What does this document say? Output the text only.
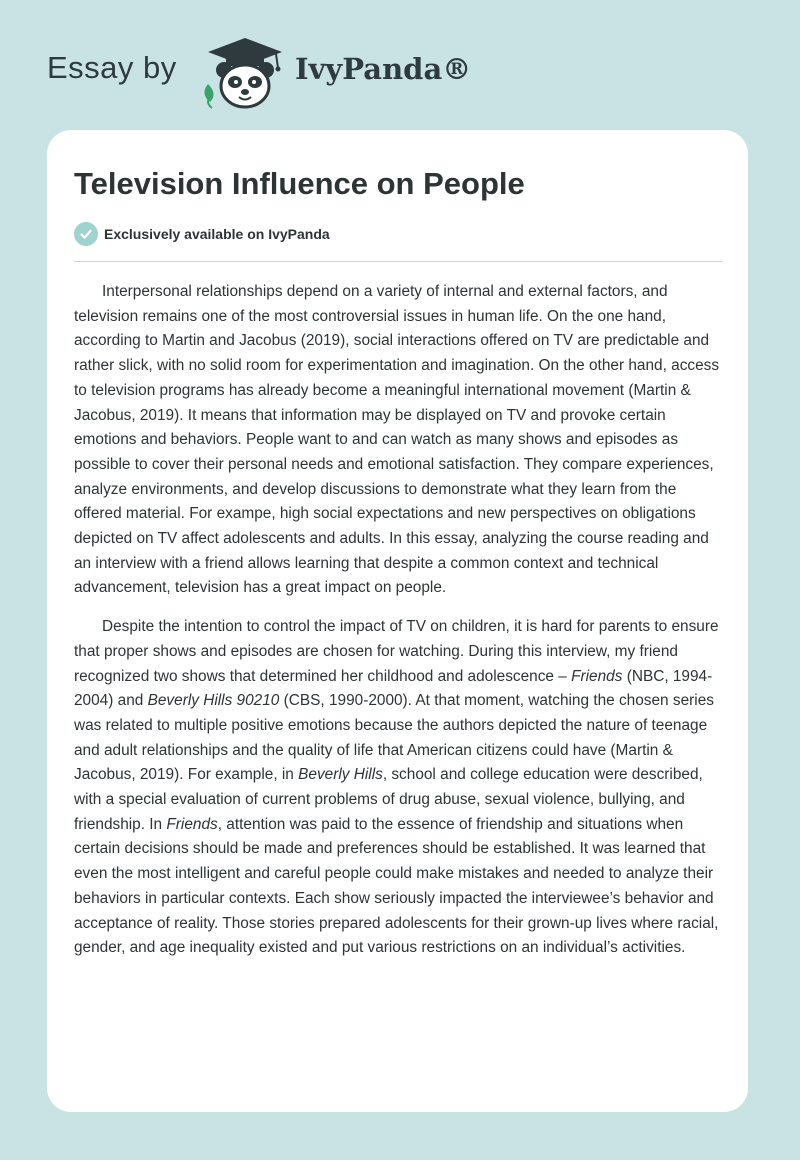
Essay by	IvyPanda®
Television Influence on People
Exclusively available on IvyPanda

Interpersonal relationships depend on a variety of internal and external factors, and television remains one of the most controversial issues in human life. On the one hand, according to Martin and Jacobus (2019), social interactions offered on TV are predictable and rather slick, with no solid room for experimentation and imagination. On the other hand, access to television programs has already become a meaningful international movement (Martin & Jacobus, 2019). It means that information may be displayed on TV and provoke certain emotions and behaviors. People want to and can watch as many shows and episodes as possible to cover their personal needs and emotional satisfaction. They compare experiences, analyze environments, and develop discussions to demonstrate what they learn from the offered material. For exampe, high social expectations and new perspectives on obligations depicted on TV affect adolescents and adults. In this essay, analyzing the course reading and an interview with a friend allows learning that despite a common context and technical advancement, television has a great impact on people.

Despite the intention to control the impact of TV on children, it is hard for parents to ensure that proper shows and episodes are chosen for watching. During this interview, my friend recognized two shows that determined her childhood and adolescence – Friends (NBC, 1994-2004) and Beverly Hills 90210 (CBS, 1990-2000). At that moment, watching the chosen series was related to multiple positive emotions because the authors depicted the nature of teenage and adult relationships and the quality of life that American citizens could have (Martin & Jacobus, 2019). For example, in Beverly Hills, school and college education were described, with a special evaluation of current problems of drug abuse, sexual violence, bullying, and friendship. In Friends, attention was paid to the essence of friendship and situations when certain decisions should be made and preferences should be established. It was learned that even the most intelligent and careful people could make mistakes and needed to analyze their behaviors in particular contexts. Each show seriously impacted the interviewee’s behavior and acceptance of reality. Those stories prepared adolescents for their grown-up lives where racial, gender, and age inequality existed and put various restrictions on an individual’s activities.
